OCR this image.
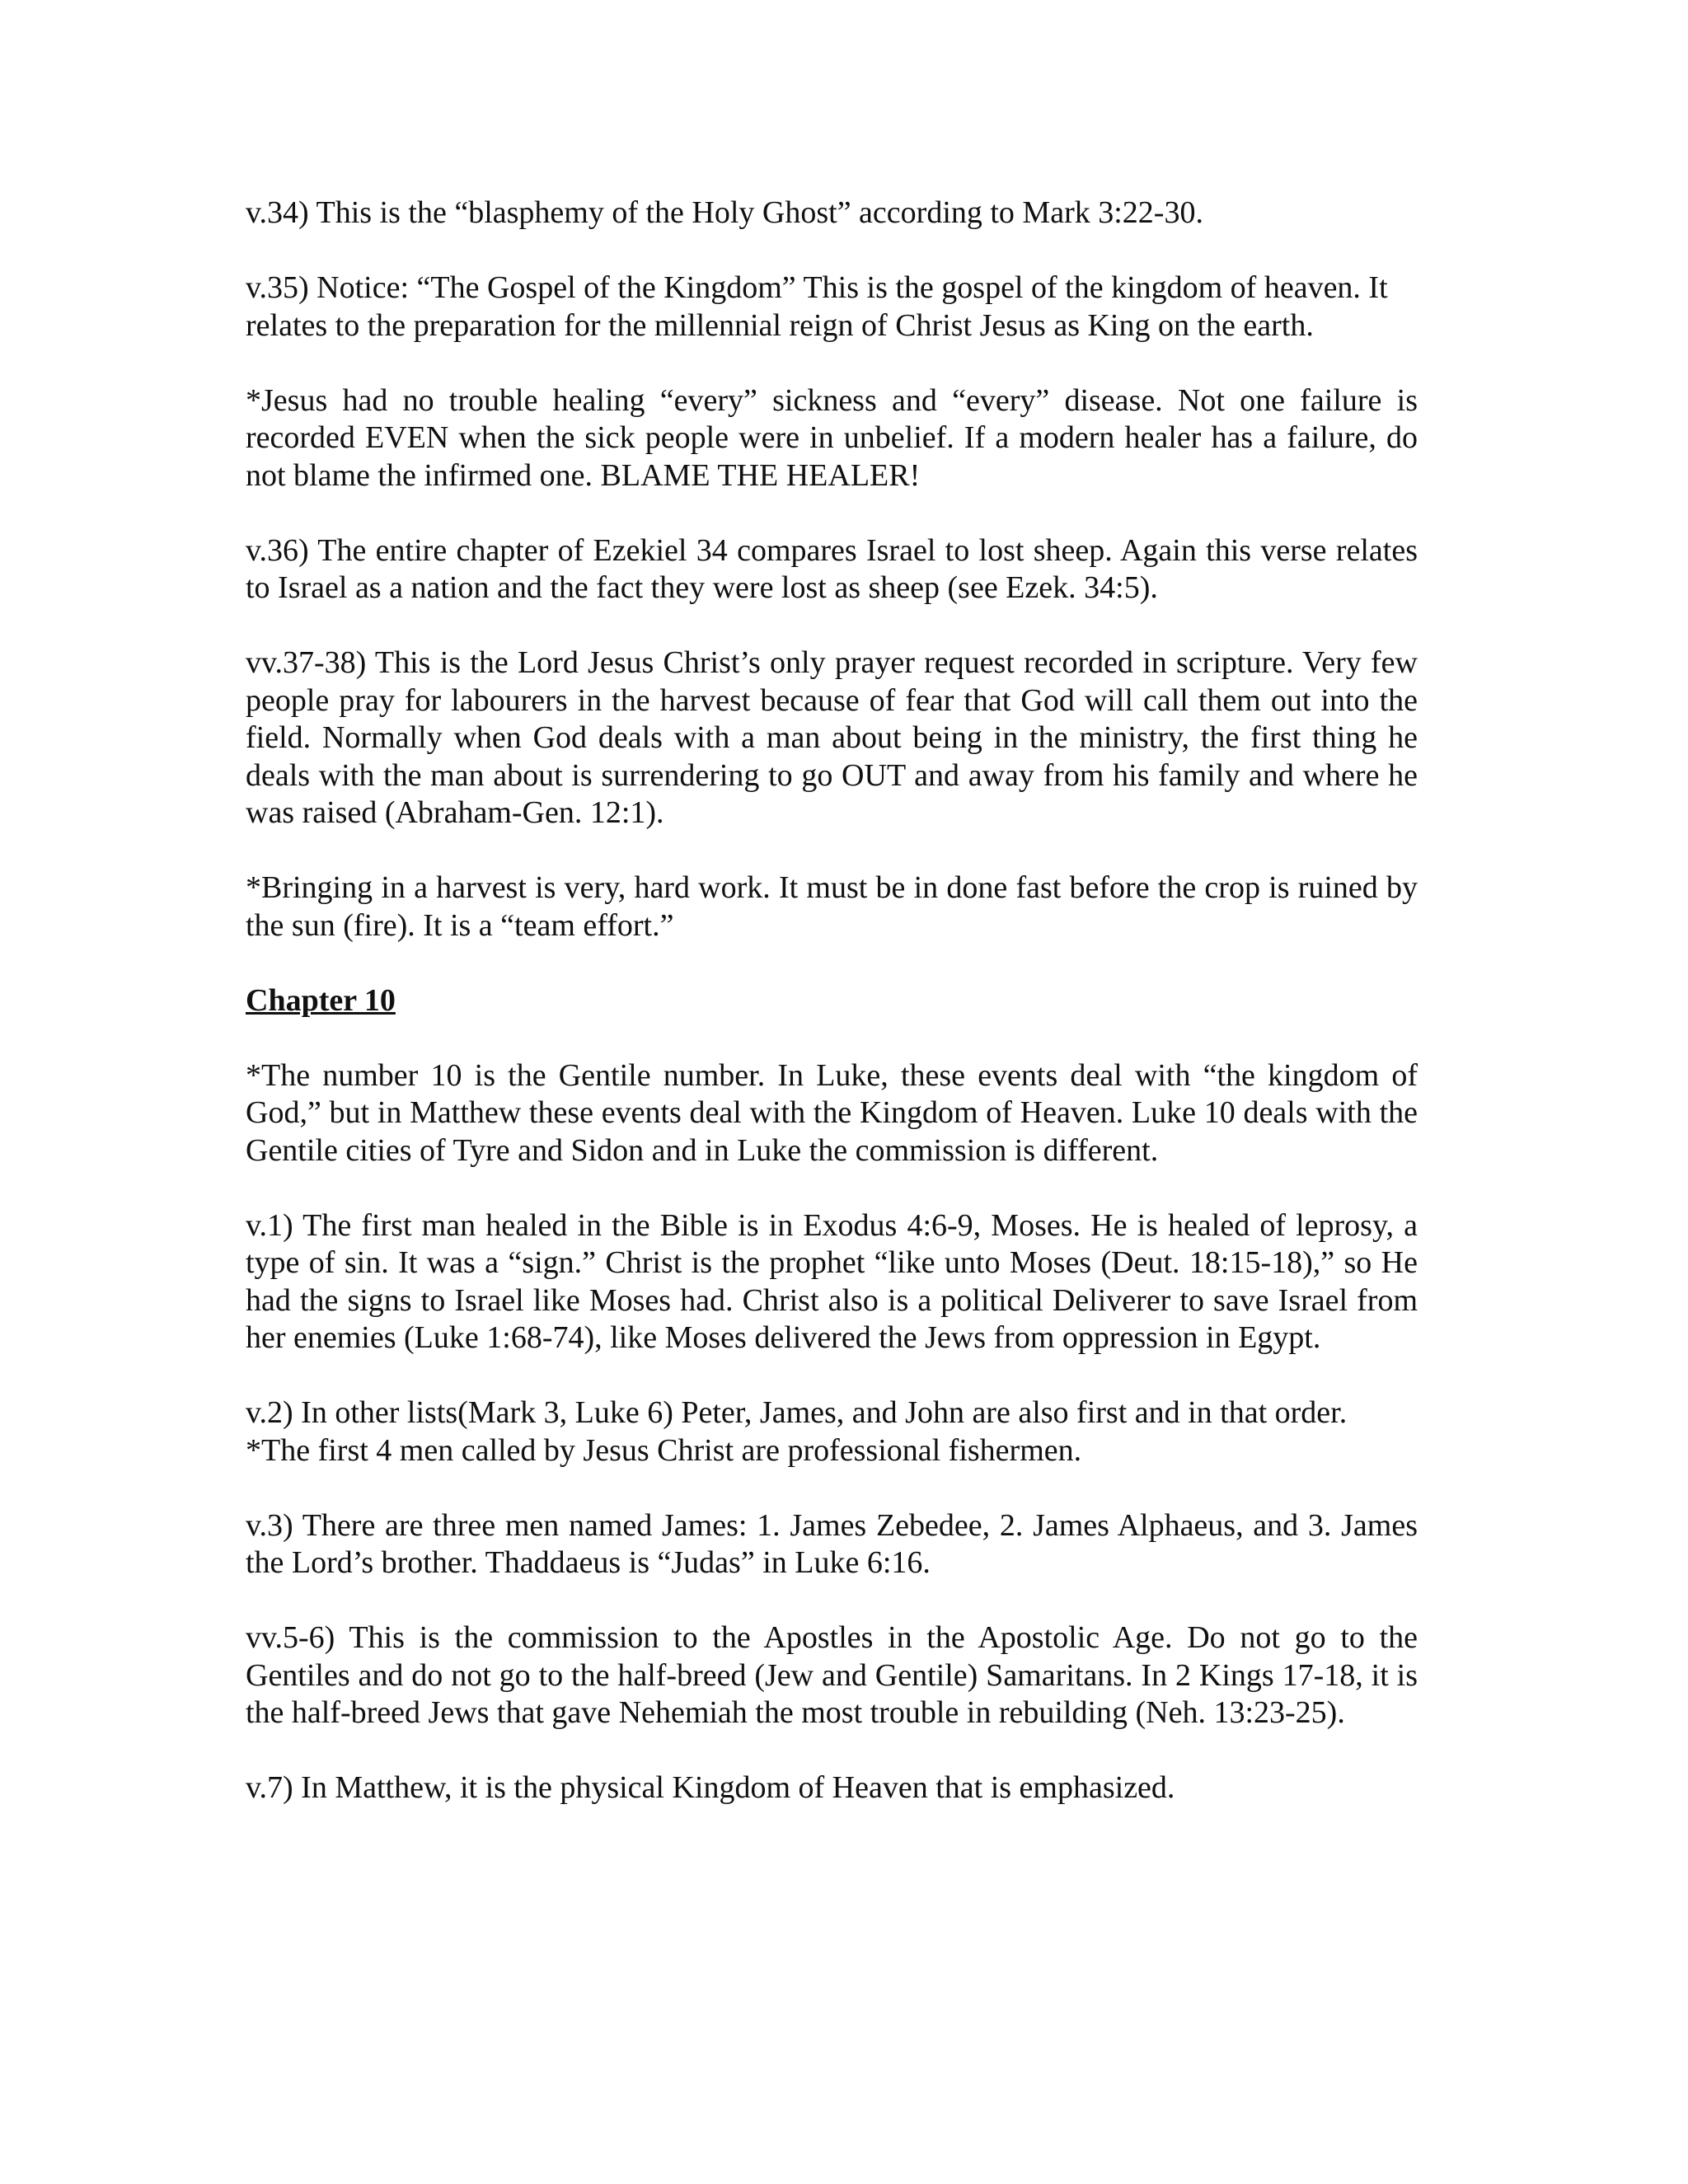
v.34) This is the “blasphemy of the Holy Ghost” according to Mark 3:22-30.

v.35) Notice: “The Gospel of the Kingdom” This is the gospel of the kingdom of heaven. It relates to the preparation for the millennial reign of Christ Jesus as King on the earth.

*Jesus had no trouble healing “every” sickness and “every” disease. Not one failure is recorded EVEN when the sick people were in unbelief. If a modern healer has a failure, do not blame the infirmed one. BLAME THE HEALER!

v.36) The entire chapter of Ezekiel 34 compares Israel to lost sheep. Again this verse relates to Israel as a nation and the fact they were lost as sheep (see Ezek. 34:5).

vv.37-38) This is the Lord Jesus Christ’s only prayer request recorded in scripture. Very few people pray for labourers in the harvest because of fear that God will call them out into the field. Normally when God deals with a man about being in the ministry, the first thing he deals with the man about is surrendering to go OUT and away from his family and where he was raised (Abraham-Gen. 12:1).

*Bringing in a harvest is very, hard work. It must be in done fast before the crop is ruined by the sun (fire). It is a “team effort.”

Chapter 10

*The number 10 is the Gentile number. In Luke, these events deal with “the kingdom of God,” but in Matthew these events deal with the Kingdom of Heaven. Luke 10 deals with the Gentile cities of Tyre and Sidon and in Luke the commission is different.

v.1) The first man healed in the Bible is in Exodus 4:6-9, Moses. He is healed of leprosy, a type of sin. It was a “sign.” Christ is the prophet “like unto Moses (Deut. 18:15-18),” so He had the signs to Israel like Moses had. Christ also is a political Deliverer to save Israel from her enemies (Luke 1:68-74), like Moses delivered the Jews from oppression in Egypt.

v.2) In other lists(Mark 3, Luke 6) Peter, James, and John are also first and in that order.
*The first 4 men called by Jesus Christ are professional fishermen.

v.3) There are three men named James: 1. James Zebedee, 2. James Alphaeus, and 3. James the Lord’s brother. Thaddaeus is “Judas” in Luke 6:16.

vv.5-6) This is the commission to the Apostles in the Apostolic Age. Do not go to the Gentiles and do not go to the half-breed (Jew and Gentile) Samaritans. In 2 Kings 17-18, it is the half-breed Jews that gave Nehemiah the most trouble in rebuilding (Neh. 13:23-25).

v.7) In Matthew, it is the physical Kingdom of Heaven that is emphasized.
